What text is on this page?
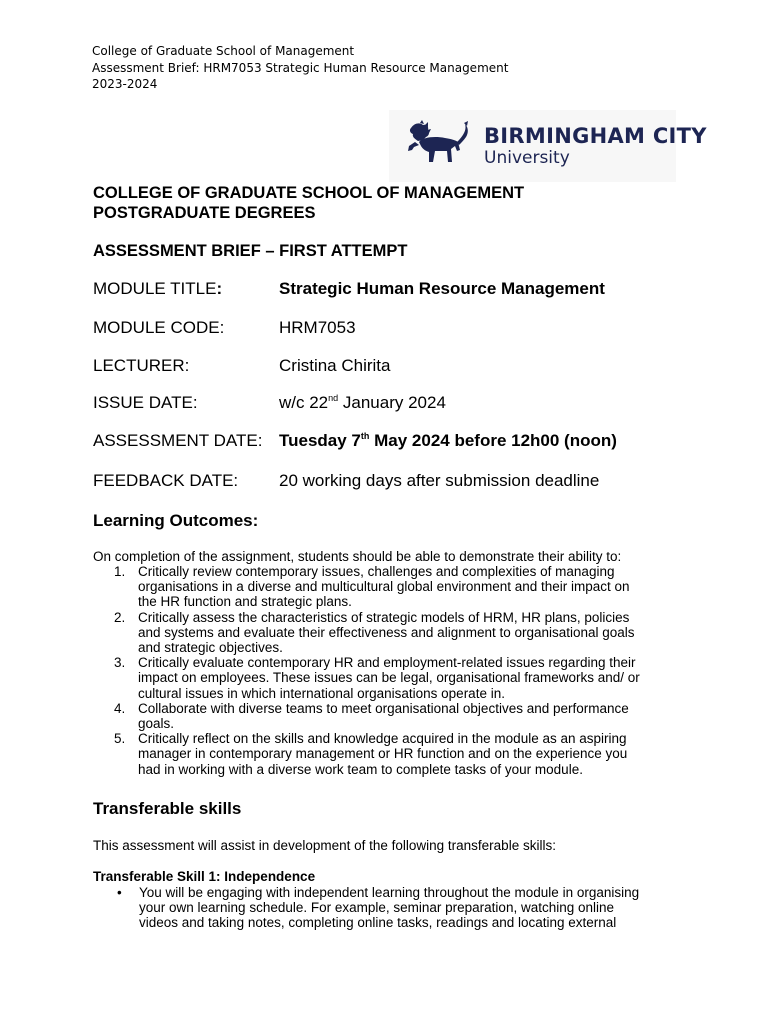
College of Graduate School of Management
Assessment Brief: HRM7053 Strategic Human Resource Management
2023-2024
BIRMINGHAM CITY
University
COLLEGE OF GRADUATE SCHOOL OF MANAGEMENT
POSTGRADUATE DEGREES
ASSESSMENT BRIEF – FIRST ATTEMPT
MODULE TITLE:	Strategic Human Resource Management
MODULE CODE:	HRM7053
LECTURER:	Cristina Chirita
ISSUE DATE:	w/c 22nd January 2024
ASSESSMENT DATE: Tuesday 7th May 2024 before 12h00 (noon)
FEEDBACK DATE: 20 working days after submission deadline
Learning Outcomes:
On completion of the assignment, students should be able to demonstrate their ability to:
1. Critically review contemporary issues, challenges and complexities of managing
organisations in a diverse and multicultural global environment and their impact on
the HR function and strategic plans.
2. Critically assess the characteristics of strategic models of HRM, HR plans, policies
and systems and evaluate their effectiveness and alignment to organisational goals
and strategic objectives.
3. Critically evaluate contemporary HR and employment-related issues regarding their
impact on employees. These issues can be legal, organisational frameworks and/ or
cultural issues in which international organisations operate in.
4. Collaborate with diverse teams to meet organisational objectives and performance
goals.
5. Critically reflect on the skills and knowledge acquired in the module as an aspiring
manager in contemporary management or HR function and on the experience you
had in working with a diverse work team to complete tasks of your module.
Transferable skills
This assessment will assist in development of the following transferable skills:
Transferable Skill 1: Independence
• You will be engaging with independent learning throughout the module in organising
your own learning schedule. For example, seminar preparation, watching online
videos and taking notes, completing online tasks, readings and locating external
